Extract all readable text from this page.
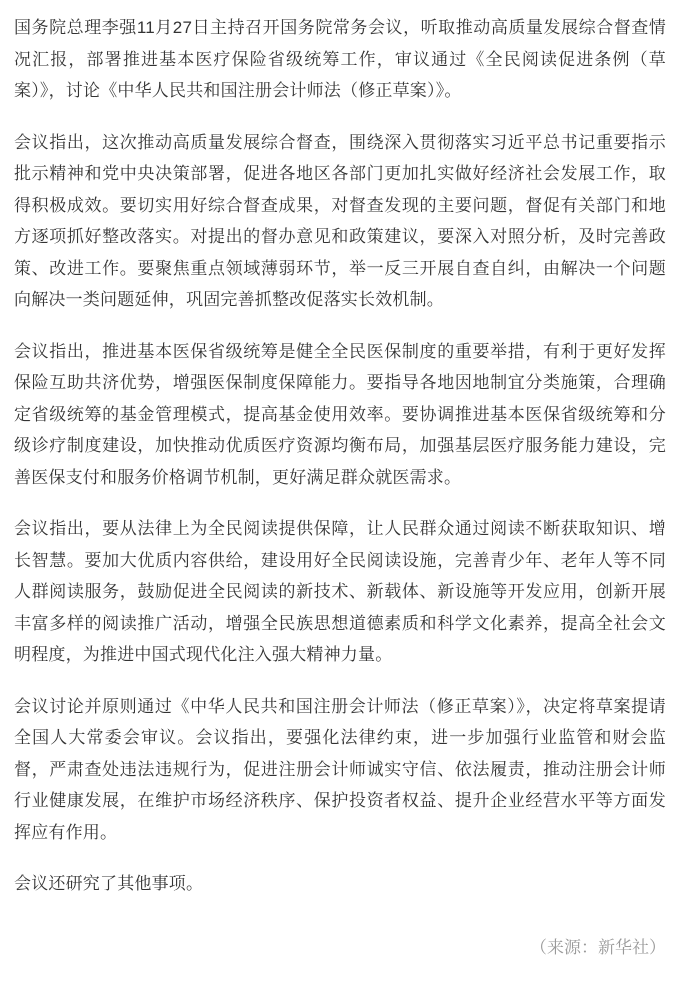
国务院总理李强11月27日主持召开国务院常务会议，听取推动高质量发展综合督查情况汇报，部署推进基本医疗保险省级统筹工作，审议通过《全民阅读促进条例（草案）》，讨论《中华人民共和国注册会计师法（修正草案）》。

会议指出，这次推动高质量发展综合督查，围绕深入贯彻落实习近平总书记重要指示批示精神和党中央决策部署，促进各地区各部门更加扎实做好经济社会发展工作，取得积极成效。要切实用好综合督查成果，对督查发现的主要问题，督促有关部门和地方逐项抓好整改落实。对提出的督办意见和政策建议，要深入对照分析，及时完善政策、改进工作。要聚焦重点领域薄弱环节，举一反三开展自查自纠，由解决一个问题向解决一类问题延伸，巩固完善抓整改促落实长效机制。

会议指出，推进基本医保省级统筹是健全全民医保制度的重要举措，有利于更好发挥保险互助共济优势，增强医保制度保障能力。要指导各地因地制宜分类施策，合理确定省级统筹的基金管理模式，提高基金使用效率。要协调推进基本医保省级统筹和分级诊疗制度建设，加快推动优质医疗资源均衡布局，加强基层医疗服务能力建设，完善医保支付和服务价格调节机制，更好满足群众就医需求。

会议指出，要从法律上为全民阅读提供保障，让人民群众通过阅读不断获取知识、增长智慧。要加大优质内容供给，建设用好全民阅读设施，完善青少年、老年人等不同人群阅读服务，鼓励促进全民阅读的新技术、新载体、新设施等开发应用，创新开展丰富多样的阅读推广活动，增强全民族思想道德素质和科学文化素养，提高全社会文明程度，为推进中国式现代化注入强大精神力量。

会议讨论并原则通过《中华人民共和国注册会计师法（修正草案）》，决定将草案提请全国人大常委会审议。会议指出，要强化法律约束，进一步加强行业监管和财会监督，严肃查处违法违规行为，促进注册会计师诚实守信、依法履责，推动注册会计师行业健康发展，在维护市场经济秩序、保护投资者权益、提升企业经营水平等方面发挥应有作用。

会议还研究了其他事项。

（来源：新华社）
